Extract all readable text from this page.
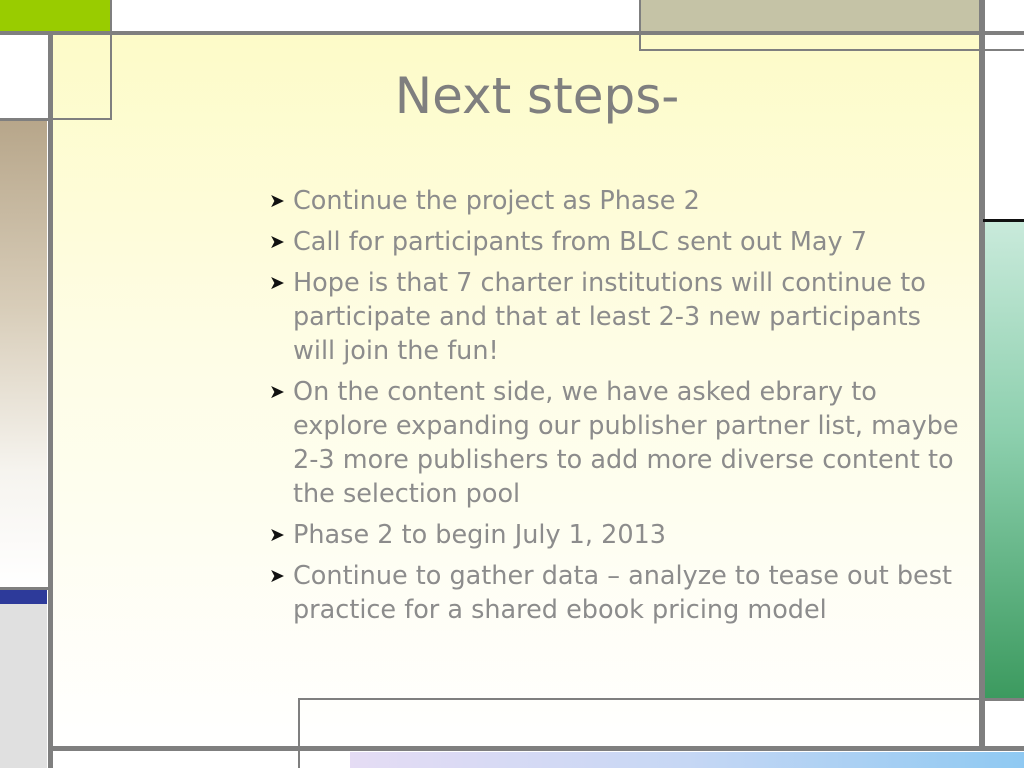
Next steps-
➤ Continue the project as Phase 2
➤ Call for participants from BLC sent out May 7
➤ Hope is that 7 charter institutions will continue to participate and that at least 2-3 new participants will join the fun!
➤ On the content side, we have asked ebrary to explore expanding our publisher partner list, maybe 2-3 more publishers to add more diverse content to the selection pool
➤ Phase 2 to begin July 1, 2013
➤ Continue to gather data – analyze to tease out best practice for a shared ebook pricing model
